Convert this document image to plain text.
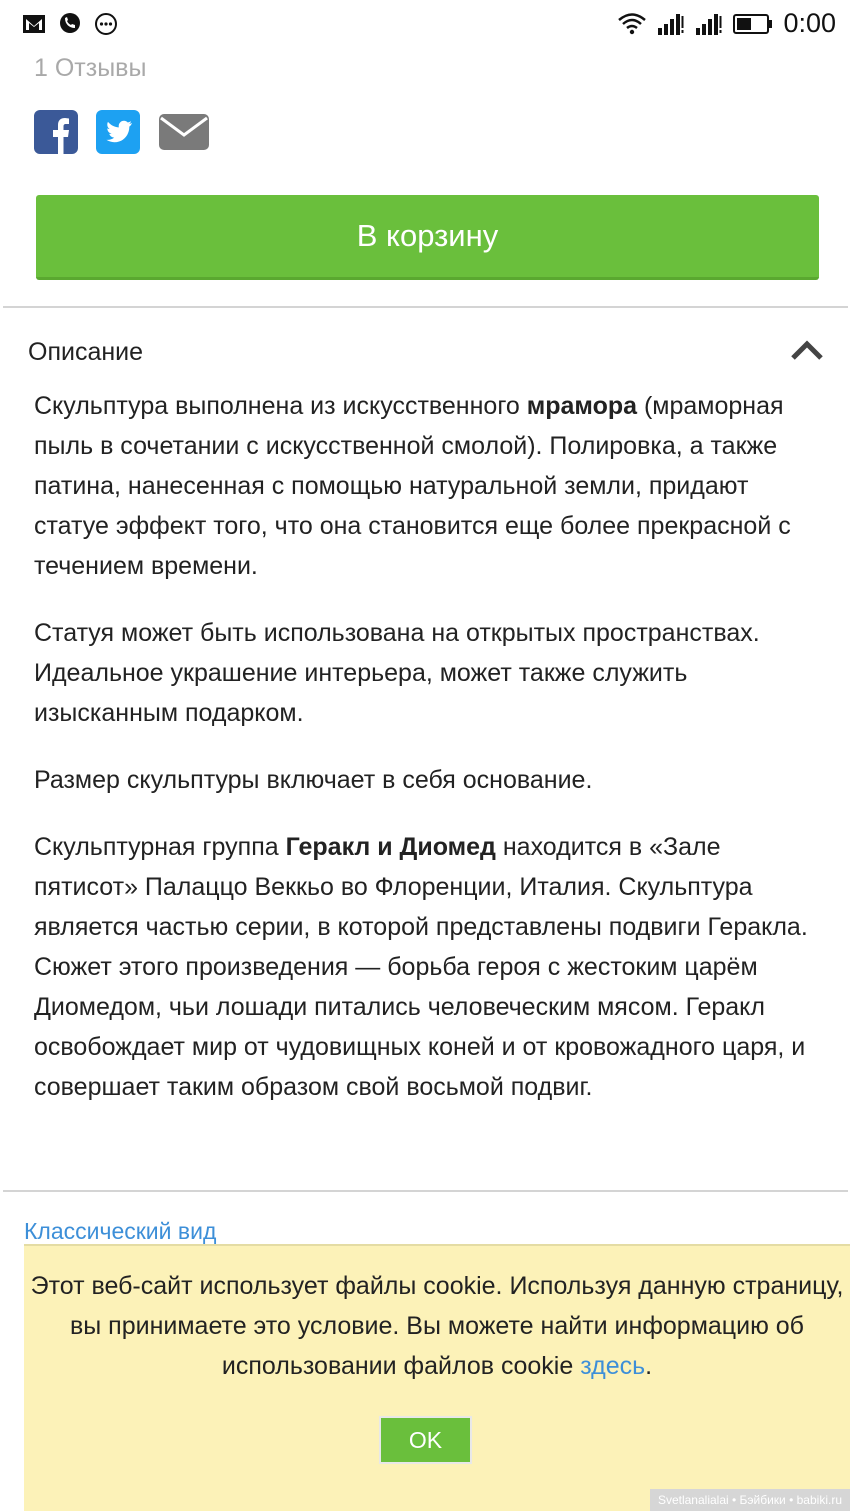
0:00
1 Отзывы
В корзину
Описание

Скульптура выполнена из искусственного мрамора (мраморная пыль в сочетании с искусственной смолой). Полировка, а также патина, нанесенная с помощью натуральной земли, придают статуе эффект того, что она становится еще более прекрасной с течением времени.

Статуя может быть использована на открытых пространствах. Идеальное украшение интерьера, может также служить изысканным подарком.

Размер скульптуры включает в себя основание.

Скульптурная группа Геракл и Диомед находится в «Зале пятисот» Палаццо Веккьо во Флоренции, Италия. Скульптура является частью серии, в которой представлены подвиги Геракла. Сюжет этого произведения — борьба героя с жестоким царём Диомедом, чьи лошади питались человеческим мясом. Геракл освобождает мир от чудовищных коней и от кровожадного царя, и совершает таким образом свой восьмой подвиг.

Классический вид
Этот веб-сайт использует файлы cookie. Используя данную страницу, вы принимаете это условие. Вы можете найти информацию об использовании файлов cookie здесь.
OK
Svetlanalialai • Бэйбики • babiki.ru
